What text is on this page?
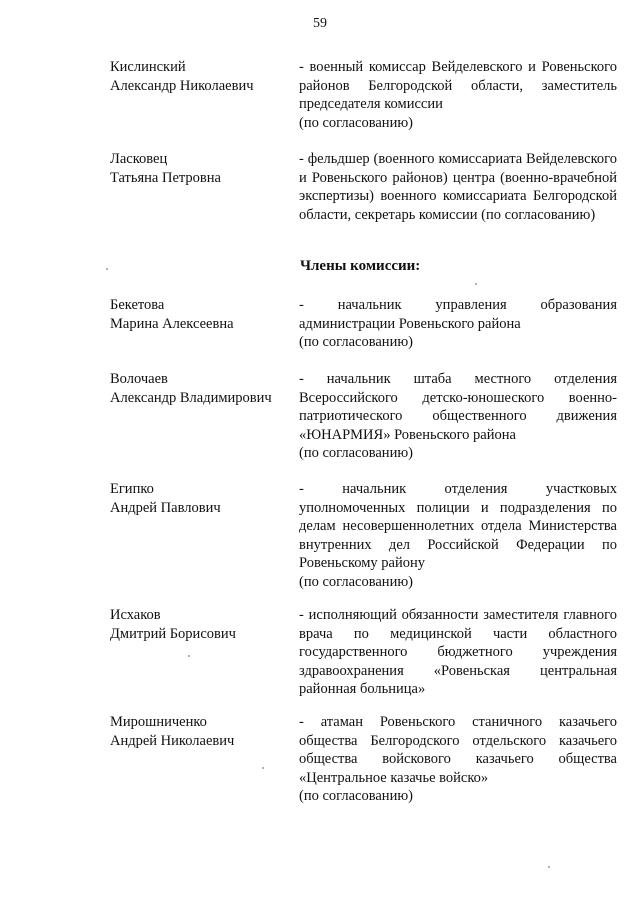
59
Кислинский
Александр Николаевич
- военный комиссар Вейделевского и Ровеньского районов Белгородской области, заместитель председателя комиссии
(по согласованию)
Ласковец
Татьяна Петровна
- фельдшер (военного комиссариата Вейделевского и Ровеньского районов) центра (военно-врачебной экспертизы) военного комиссариата Белгородской области, секретарь комиссии (по согласованию)
Члены комиссии:
Бекетова
Марина Алексеевна
- начальник управления образования администрации Ровеньского района
(по согласованию)
Волочаев
Александр Владимирович
- начальник штаба местного отделения Всероссийского детско-юношеского военно-патриотического общественного движения «ЮНАРМИЯ» Ровеньского района
(по согласованию)
Египко
Андрей Павлович
- начальник отделения участковых уполномоченных полиции и подразделения по делам несовершеннолетних отдела Министерства внутренних дел Российской Федерации по Ровеньскому району
(по согласованию)
Исхаков
Дмитрий Борисович
- исполняющий обязанности заместителя главного врача по медицинской части областного государственного бюджетного учреждения здравоохранения «Ровеньская центральная районная больница»
Мирошниченко
Андрей Николаевич
- атаман Ровеньского станичного казачьего общества Белгородского отдельского казачьего общества войскового казачьего общества «Центральное казачье войско»
(по согласованию)
